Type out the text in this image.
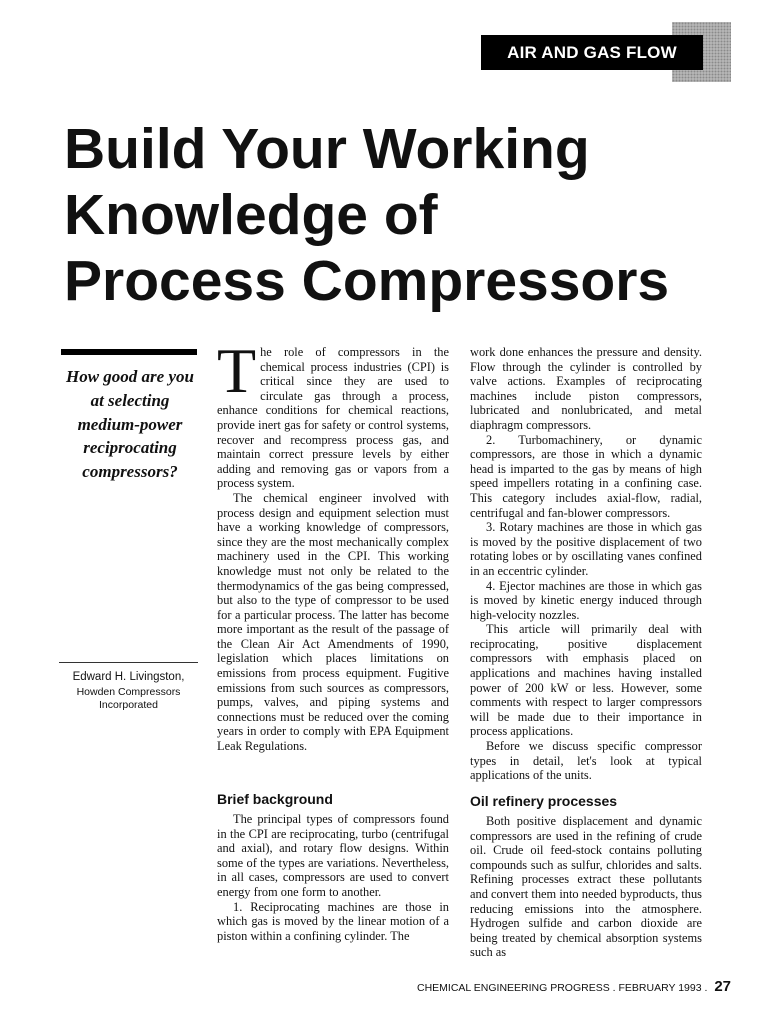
AIR AND GAS FLOW
Build Your Working
Knowledge of
Process Compressors
How good are you at selecting medium-power reciprocating compressors?
Edward H. Livingston,
Howden Compressors Incorporated

The role of compressors in the chemical process industries (CPI) is critical since they are used to circulate gas through a process, enhance conditions for chemical reactions, provide inert gas for safety or control systems, recover and recompress process gas, and maintain correct pressure levels by either adding and removing gas or vapors from a process system.

The chemical engineer involved with process design and equipment selection must have a working knowledge of compressors, since they are the most mechanically complex machinery used in the CPI. This working knowledge must not only be related to the thermodynamics of the gas being compressed, but also to the type of compressor to be used for a particular process. The latter has become more important as the result of the passage of the Clean Air Act Amendments of 1990, legislation which places limitations on emissions from process equipment. Fugitive emissions from such sources as compressors, pumps, valves, and piping systems and connections must be reduced over the coming years in order to comply with EPA Equipment Leak Regulations.

work done enhances the pressure and density. Flow through the cylinder is controlled by valve actions. Examples of reciprocating machines include piston compressors, lubricated and nonlubricated, and metal diaphragm compressors.

2. Turbomachinery, or dynamic compressors, are those in which a dynamic head is imparted to the gas by means of high speed impellers rotating in a confining case. This category includes axial-flow, radial, centrifugal and fan-blower compressors.

3. Rotary machines are those in which gas is moved by the positive displacement of two rotating lobes or by oscillating vanes confined in an eccentric cylinder.

4. Ejector machines are those in which gas is moved by kinetic energy induced through high-velocity nozzles.

This article will primarily deal with reciprocating, positive displacement compressors with emphasis placed on applications and machines having installed power of 200 kW or less. However, some comments with respect to larger compressors will be made due to their importance in process applications.

Before we discuss specific compressor types in detail, let's look at typical applications of the units.

Brief background

The principal types of compressors found in the CPI are reciprocating, turbo (centrifugal and axial), and rotary flow designs. Within some of the types are variations. Nevertheless, in all cases, compressors are used to convert energy from one form to another.

1. Reciprocating machines are those in which gas is moved by the linear motion of a piston within a confining cylinder. The

Oil refinery processes

Both positive displacement and dynamic compressors are used in the refining of crude oil. Crude oil feed-stock contains polluting compounds such as sulfur, chlorides and salts. Refining processes extract these pollutants and convert them into needed byproducts, thus reducing emissions into the atmosphere. Hydrogen sulfide and carbon dioxide are being treated by chemical absorption systems such as

CHEMICAL ENGINEERING PROGRESS . FEBRUARY 1993 . 27
